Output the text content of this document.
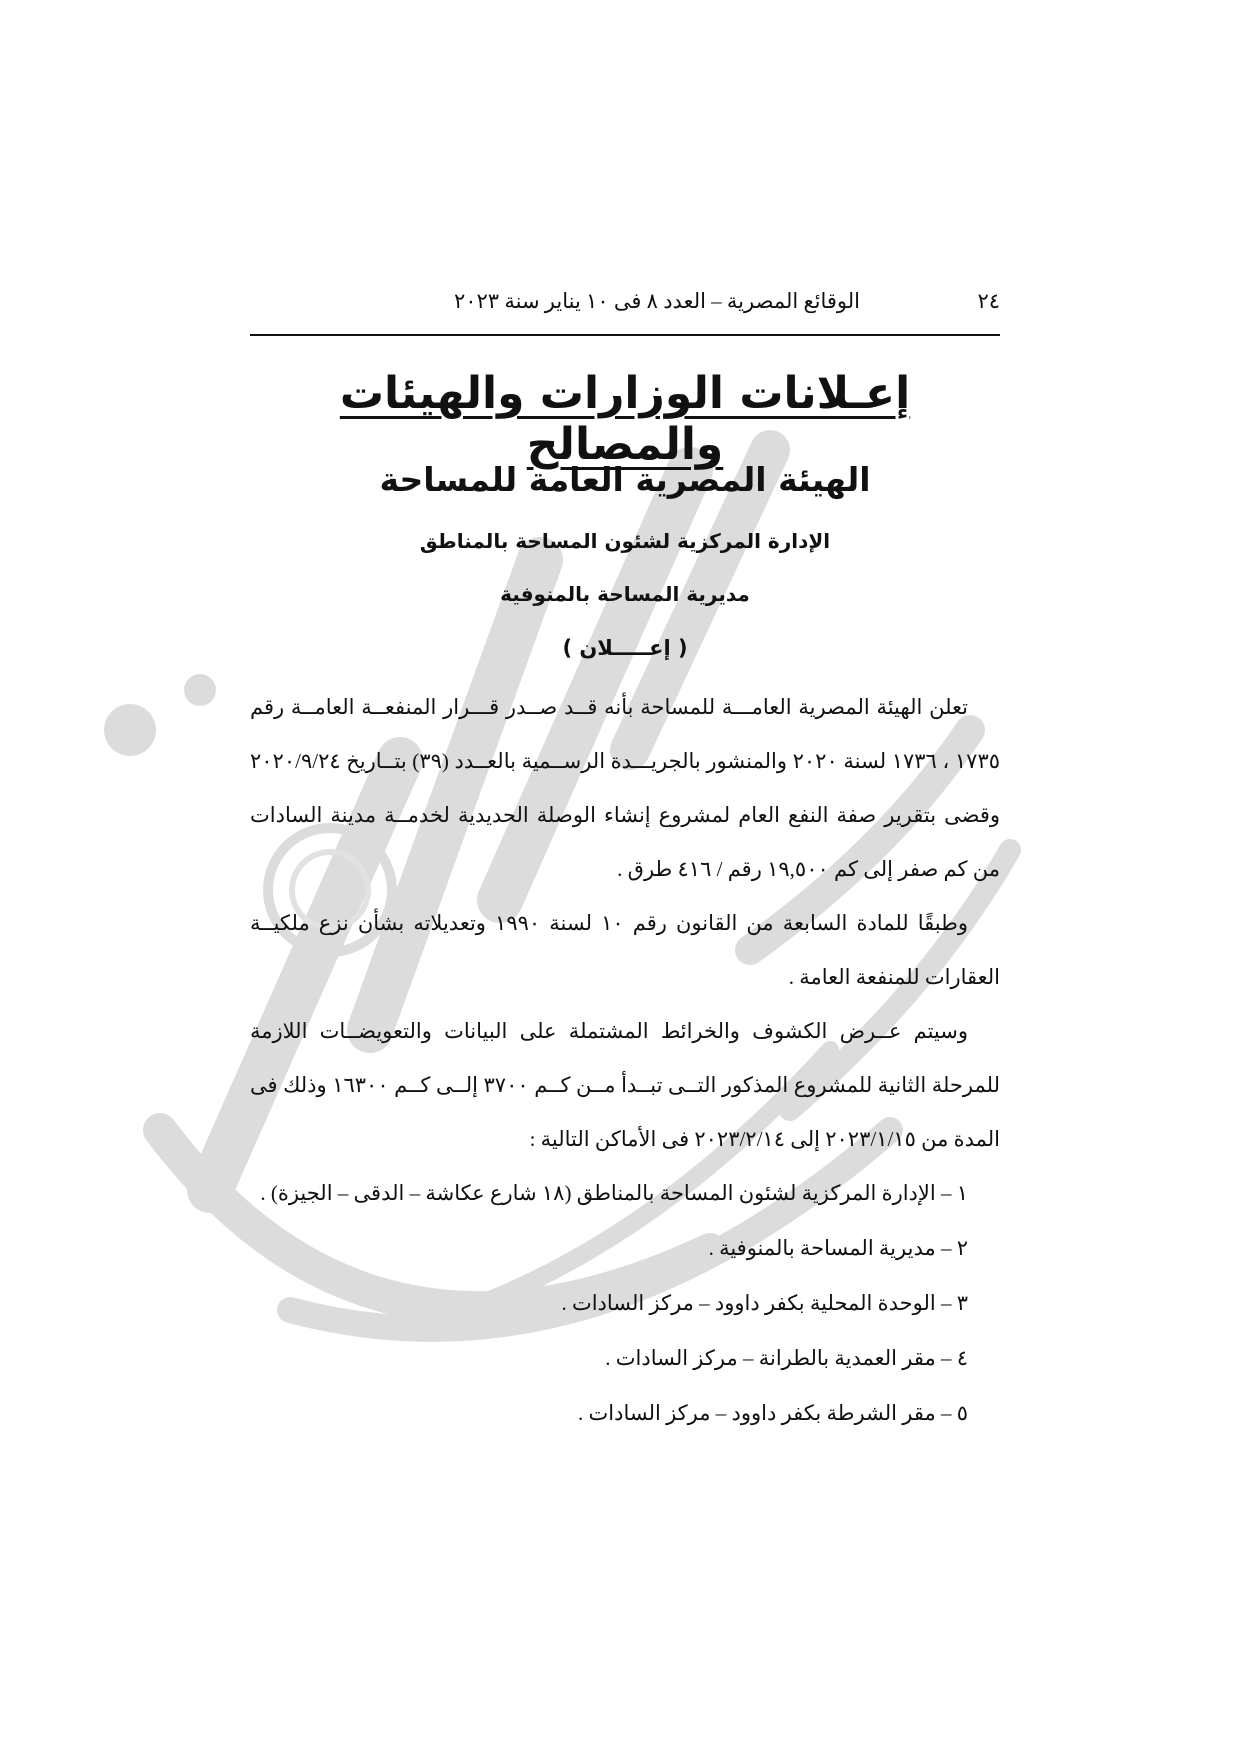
٢٤
الوقائع المصرية – العدد ٨ فى ١٠ يناير سنة ٢٠٢٣
إعـلانات الوزارات والهيئات والمصالح
الهيئة المصرية العامة للمساحة
الإدارة المركزية لشئون المساحة بالمناطق
مديرية المساحة بالمنوفية
( إعـــــلان )
تعلن الهيئة المصرية العامـــة للمساحة بأنه قــد صــدر قـــرار المنفعــة العامــة رقم ١٧٣٥ ، ١٧٣٦ لسنة ٢٠٢٠ والمنشور بالجريـــدة الرســمية بالعــدد (٣٩) بتــاريخ ٢٠٢٠/٩/٢٤ وقضى بتقرير صفة النفع العام لمشروع إنشاء الوصلة الحديدية لخدمــة مدينة السادات من كم صفر إلى كم ١٩,٥٠٠ رقم / ٤١٦ طرق .
وطبقًا للمادة السابعة من القانون رقم ١٠ لسنة ١٩٩٠ وتعديلاته بشأن نزع ملكيــة العقارات للمنفعة العامة .
وسيتم عــرض الكشوف والخرائط المشتملة على البيانات والتعويضــات اللازمة للمرحلة الثانية للمشروع المذكور التــى تبــدأ مــن كــم ٣٧٠٠ إلــى كــم ١٦٣٠٠ وذلك فى المدة من ٢٠٢٣/١/١٥ إلى ٢٠٢٣/٢/١٤ فى الأماكن التالية :
١ – الإدارة المركزية لشئون المساحة بالمناطق (١٨ شارع عكاشة – الدقى – الجيزة) .
٢ – مديرية المساحة بالمنوفية .
٣ – الوحدة المحلية بكفر داوود – مركز السادات .
٤ – مقر العمدية بالطرانة – مركز السادات .
٥ – مقر الشرطة بكفر داوود – مركز السادات .
